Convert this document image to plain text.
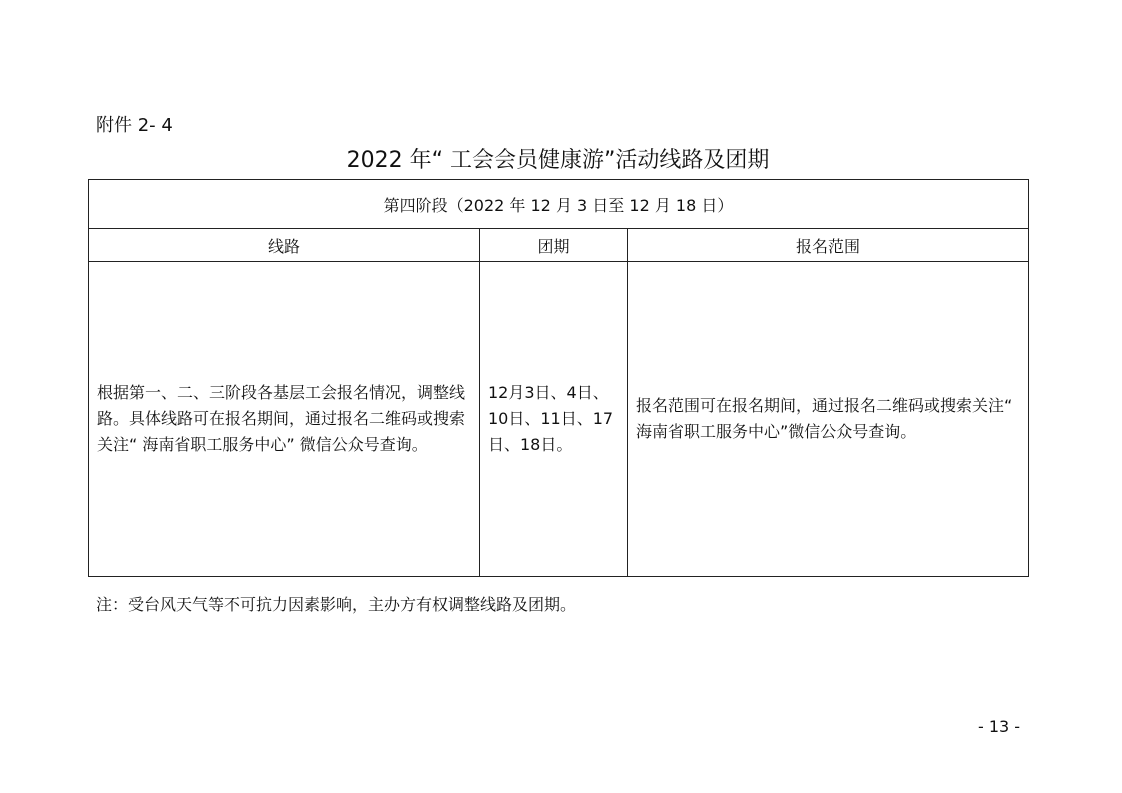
附件 2- 4
2022 年“ 工会会员健康游”活动线路及团期
第四阶段（2022 年 12 月 3 日至 12 月 18 日）		
线路	团期	报名范围
根据第一、二、三阶段各基层工会报名情况，调整线路。具体线路可在报名期间，通过报名二维码或搜索关注“ 海南省职工服务中心” 微信公众号查询。	12月3日、4日、10日、11日、17日、18日。	报名范围可在报名期间，通过报名二维码或搜索关注“ 海南省职工服务中心”微信公众号查询。
注：受台风天气等不可抗力因素影响，主办方有权调整线路及团期。
- 13 -
